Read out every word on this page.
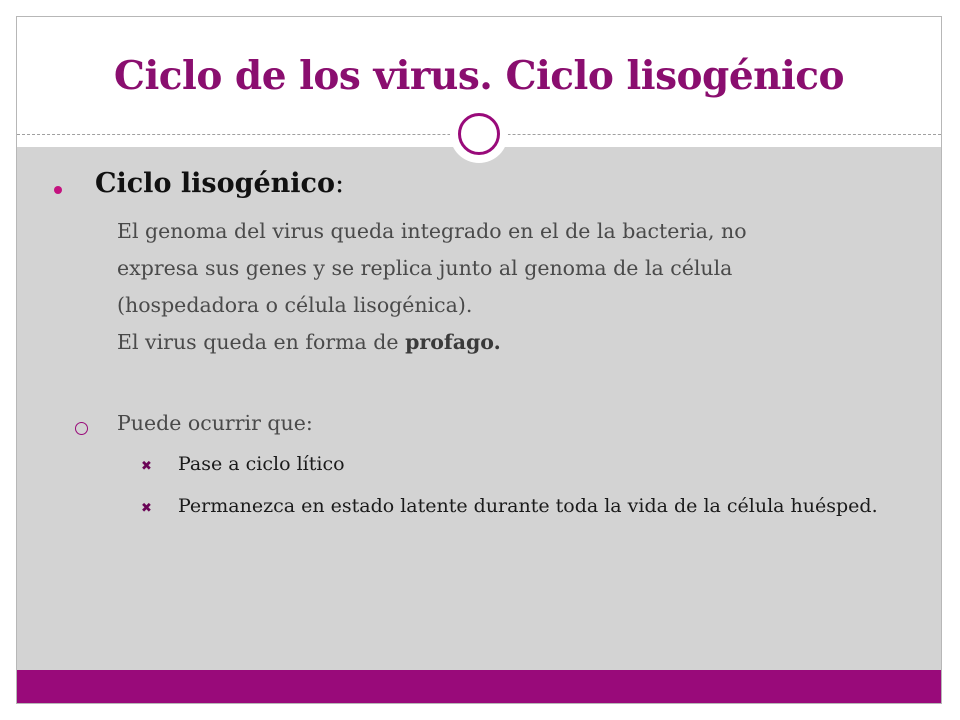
Ciclo de los virus. Ciclo lisogénico
Ciclo lisogénico:
El genoma del virus queda integrado en el de la bacteria, no
expresa sus genes y se replica junto al genoma de la célula
(hospedadora o célula lisogénica).
El virus queda en forma de profago.
Puede ocurrir que:
✖ Pase a ciclo lítico
✖ Permanezca en estado latente durante toda la vida de la célula huésped.
